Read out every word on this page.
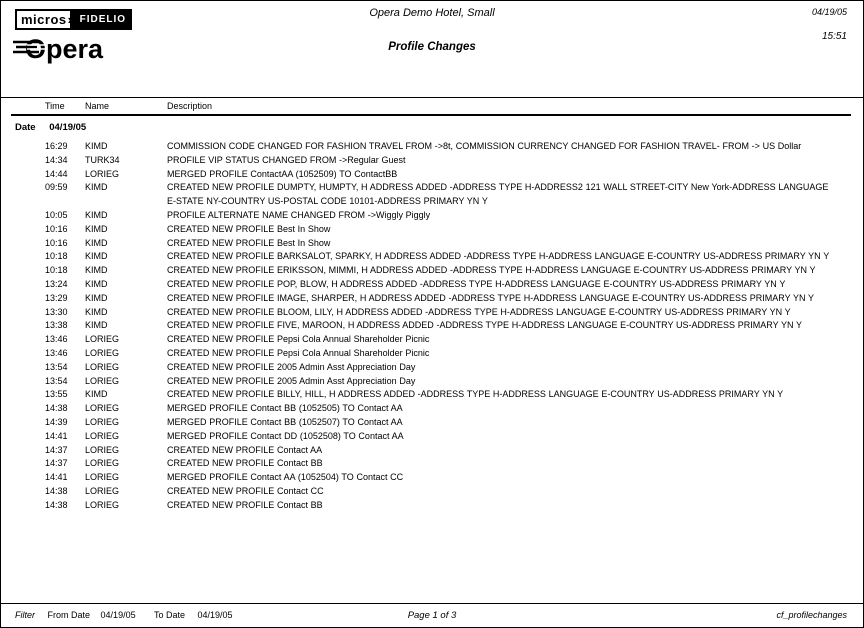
micros	FIDELIO
Opera
Opera Demo Hotel, Small	04/19/05
15:51
Profile Changes
Time	Name	Description
Date 04/19/05
16:29	KIMD	COMMISSION CODE CHANGED FOR FASHION TRAVEL FROM ->8t, COMMISSION CURRENCY CHANGED FOR FASHION TRAVEL- FROM -> US Dollar
14:34	TURK34	PROFILE VIP STATUS CHANGED FROM ->Regular Guest
14:44	LORIEG	MERGED PROFILE ContactAA (1052509) TO ContactBB
09:59	KIMD	CREATED NEW PROFILE DUMPTY, HUMPTY, H ADDRESS ADDED -ADDRESS TYPE H-ADDRESS2 121 WALL STREET-CITY New York-ADDRESS LANGUAGE E-STATE NY-COUNTRY US-POSTAL CODE 10101-ADDRESS PRIMARY YN Y
10:05	KIMD	PROFILE ALTERNATE NAME CHANGED FROM ->Wiggly Piggly
10:16	KIMD	CREATED NEW PROFILE Best In Show
10:16	KIMD	CREATED NEW PROFILE Best In Show
10:18	KIMD	CREATED NEW PROFILE BARKSALOT, SPARKY, H ADDRESS ADDED -ADDRESS TYPE H-ADDRESS LANGUAGE E-COUNTRY US-ADDRESS PRIMARY YN Y
10:18	KIMD	CREATED NEW PROFILE ERIKSSON, MIMMI, H ADDRESS ADDED -ADDRESS TYPE H-ADDRESS LANGUAGE E-COUNTRY US-ADDRESS PRIMARY YN Y
13:24	KIMD	CREATED NEW PROFILE POP, BLOW, H ADDRESS ADDED -ADDRESS TYPE H-ADDRESS LANGUAGE E-COUNTRY US-ADDRESS PRIMARY YN Y
13:29	KIMD	CREATED NEW PROFILE IMAGE, SHARPER, H ADDRESS ADDED -ADDRESS TYPE H-ADDRESS LANGUAGE E-COUNTRY US-ADDRESS PRIMARY YN Y
13:30	KIMD	CREATED NEW PROFILE BLOOM, LILY, H ADDRESS ADDED -ADDRESS TYPE H-ADDRESS LANGUAGE E-COUNTRY US-ADDRESS PRIMARY YN Y
13:38	KIMD	CREATED NEW PROFILE FIVE, MAROON, H ADDRESS ADDED -ADDRESS TYPE H-ADDRESS LANGUAGE E-COUNTRY US-ADDRESS PRIMARY YN Y
13:46	LORIEG	CREATED NEW PROFILE Pepsi Cola Annual Shareholder Picnic
13:46	LORIEG	CREATED NEW PROFILE Pepsi Cola Annual Shareholder Picnic
13:54	LORIEG	CREATED NEW PROFILE 2005 Admin Asst Appreciation Day
13:54	LORIEG	CREATED NEW PROFILE 2005 Admin Asst Appreciation Day
13:55	KIMD	CREATED NEW PROFILE BILLY, HILL, H ADDRESS ADDED -ADDRESS TYPE H-ADDRESS LANGUAGE E-COUNTRY US-ADDRESS PRIMARY YN Y
14:38	LORIEG	MERGED PROFILE Contact BB (1052505) TO Contact AA
14:39	LORIEG	MERGED PROFILE Contact BB (1052507) TO Contact AA
14:41	LORIEG	MERGED PROFILE Contact DD (1052508) TO Contact AA
14:37	LORIEG	CREATED NEW PROFILE Contact AA
14:37	LORIEG	CREATED NEW PROFILE Contact BB
14:41	LORIEG	MERGED PROFILE Contact AA (1052504) TO Contact CC
14:38	LORIEG	CREATED NEW PROFILE Contact CC
14:38	LORIEG	CREATED NEW PROFILE Contact BB
Filter From Date 04/19/05 To Date 04/19/05	Page 1 of 3	cf_profilechanges
